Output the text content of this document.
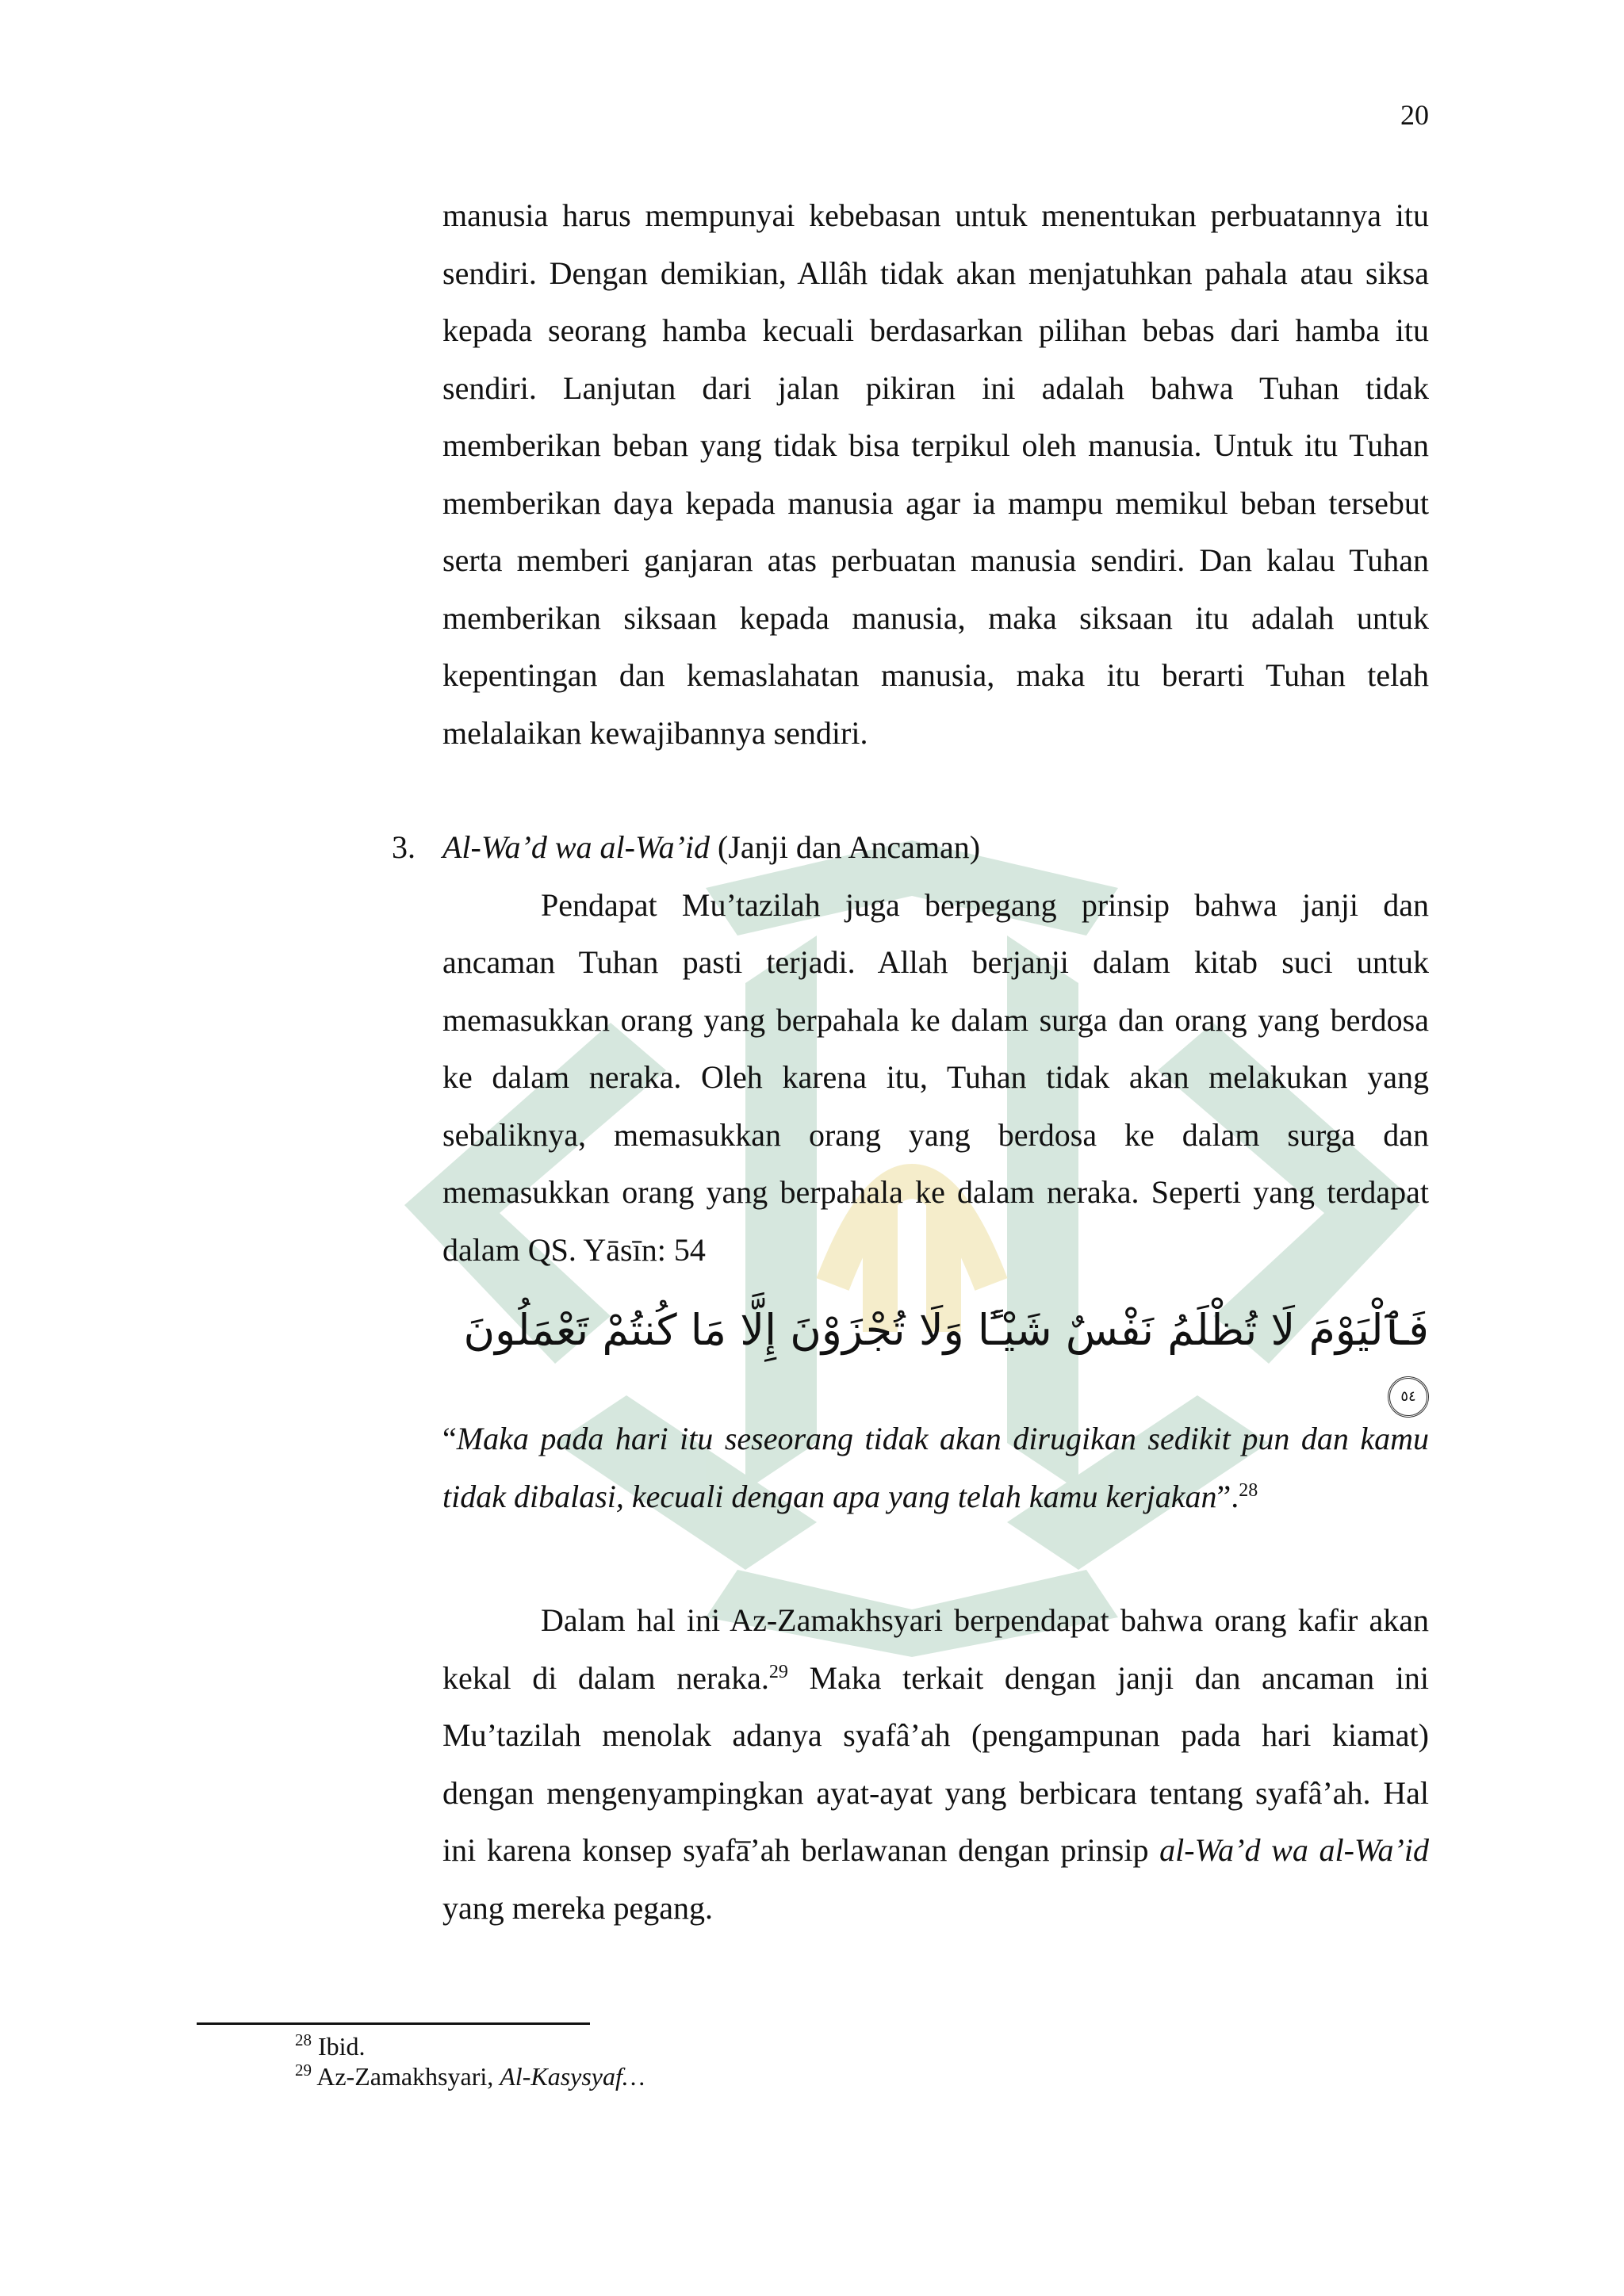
20

manusia harus mempunyai kebebasan untuk menentukan perbuatannya itu sendiri. Dengan demikian, Allâh tidak akan menjatuhkan pahala atau siksa kepada seorang hamba kecuali berdasarkan pilihan bebas dari hamba itu sendiri. Lanjutan dari jalan pikiran ini adalah bahwa Tuhan tidak memberikan beban yang tidak bisa terpikul oleh manusia. Untuk itu Tuhan memberikan daya kepada manusia agar ia mampu memikul beban tersebut serta memberi ganjaran atas perbuatan manusia sendiri. Dan kalau Tuhan memberikan siksaan kepada manusia, maka siksaan itu adalah untuk kepentingan dan kemaslahatan manusia, maka itu berarti Tuhan telah melalaikan kewajibannya sendiri.

3. Al-Wa’d wa al-Wa’id (Janji dan Ancaman)

Pendapat Mu’tazilah juga berpegang prinsip bahwa janji dan ancaman Tuhan pasti terjadi. Allah berjanji dalam kitab suci untuk memasukkan orang yang berpahala ke dalam surga dan orang yang berdosa ke dalam neraka. Oleh karena itu, Tuhan tidak akan melakukan yang sebaliknya, memasukkan orang yang berdosa ke dalam surga dan memasukkan orang yang berpahala ke dalam neraka. Seperti yang terdapat dalam QS. Yāsīn: 54

فَٱلْيَوْمَ لَا تُظْلَمُ نَفْسٌ شَيْـًٔا وَلَا تُجْزَوْنَ إِلَّا مَا كُنتُمْ تَعْمَلُونَ ٥٤

“Maka pada hari itu seseorang tidak akan dirugikan sedikit pun dan kamu tidak dibalasi, kecuali dengan apa yang telah kamu kerjakan”.$^{28}$

Dalam hal ini Az-Zamakhsyari berpendapat bahwa orang kafir akan kekal di dalam neraka.$^{29}$ Maka terkait dengan janji dan ancaman ini Mu’tazilah menolak adanya syafâ’ah (pengampunan pada hari kiamat) dengan mengenyampingkan ayat-ayat yang berbicara tentang syafâ’ah. Hal ini karena konsep syafa̅’ah berlawanan dengan prinsip al-Wa’d wa al-Wa’id yang mereka pegang.

$^{28}$ Ibid.
$^{29}$ Az-Zamakhsyari, Al-Kasysyaf…
